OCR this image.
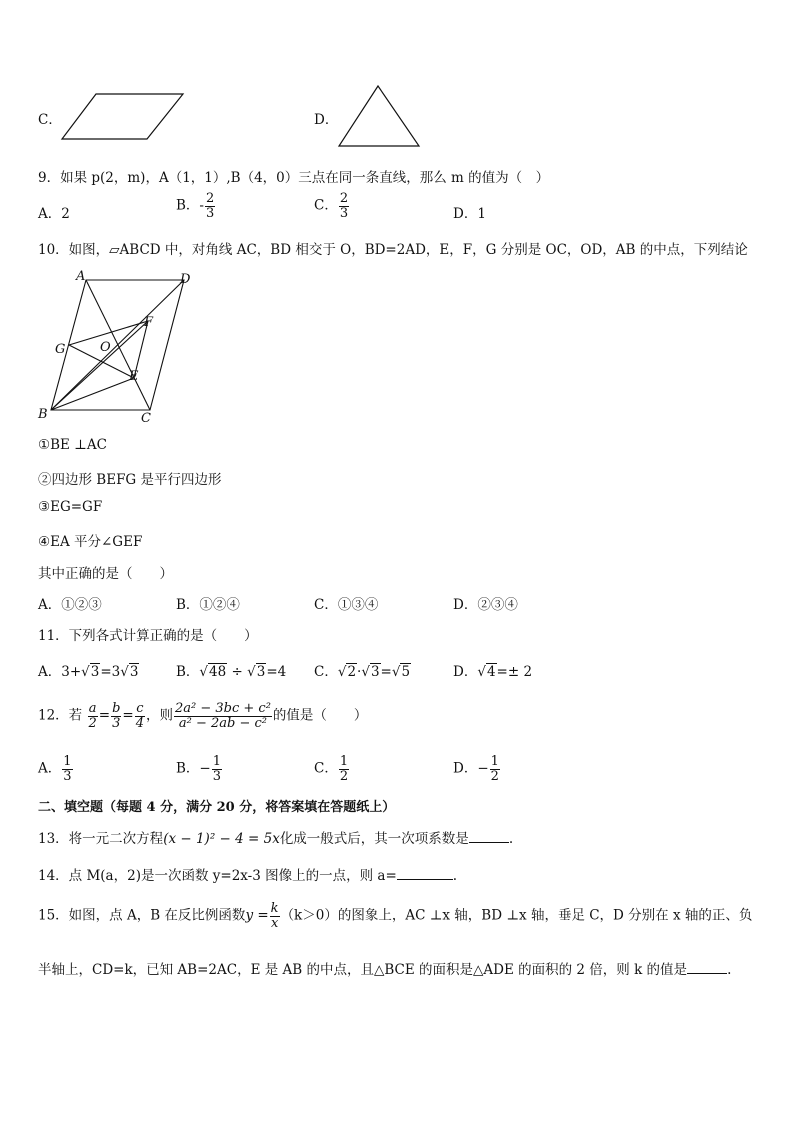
C．	D．
9．如果 p(2，m)，A（1，1）,B（4，0）三点在同一条直线，那么 m 的值为（　）
A．2
B．- $\frac{2}{3}$	C． $\frac{2}{3}$	D．1
10．如图，▱ABCD 中，对角线 AC，BD 相交于 O，BD=2AD，E，F，G 分别是 OC，OD，AB 的中点，下列结论
A	D
F
G	O
E
B	C
①BE ⊥AC
②四边形 BEFG 是平行四边形
③EG=GF
④EA 平分∠GEF
其中正确的是（　　）
A．①②③	B．①②④	C．①③④	D．②③④
11．下列各式计算正确的是（　　）
A．3+√3=3√3	B．√48 ÷ √3=4 C．√2·√3=√5	D．√4=± 2
12．若 $\frac{a}{2} = \frac{b}{3} = \frac{c}{4}$ ，则 $\frac{\text{2a² − 3bc + c²}}{\text{a² − 2ab − c²}}$ 的值是（　　）
A． $\frac{1}{3}$	B．− $\frac{1}{3}$	C． $\frac{1}{2}$	D．− $\frac{1}{2}$
二、填空题（每题 4 分，满分 20 分，将答案填在答题纸上）
13．将一元二次方程(x − 1)² − 4 = 5x化成一般式后，其一次项系数是	.
14．点 M(a，2)是一次函数 y=2x-3 图像上的一点，则 a=	.
15．如图，点 A，B 在反比例函数$y = \frac{k}{x} (k>0)$的图象上，AC ⊥x 轴，BD ⊥x 轴，垂足 C，D 分别在 x 轴的正、负
半轴上，CD=k，已知 AB=2AC，E 是 AB 的中点，且△BCE 的面积是△ADE 的面积的 2 倍，则 k 的值是	.
